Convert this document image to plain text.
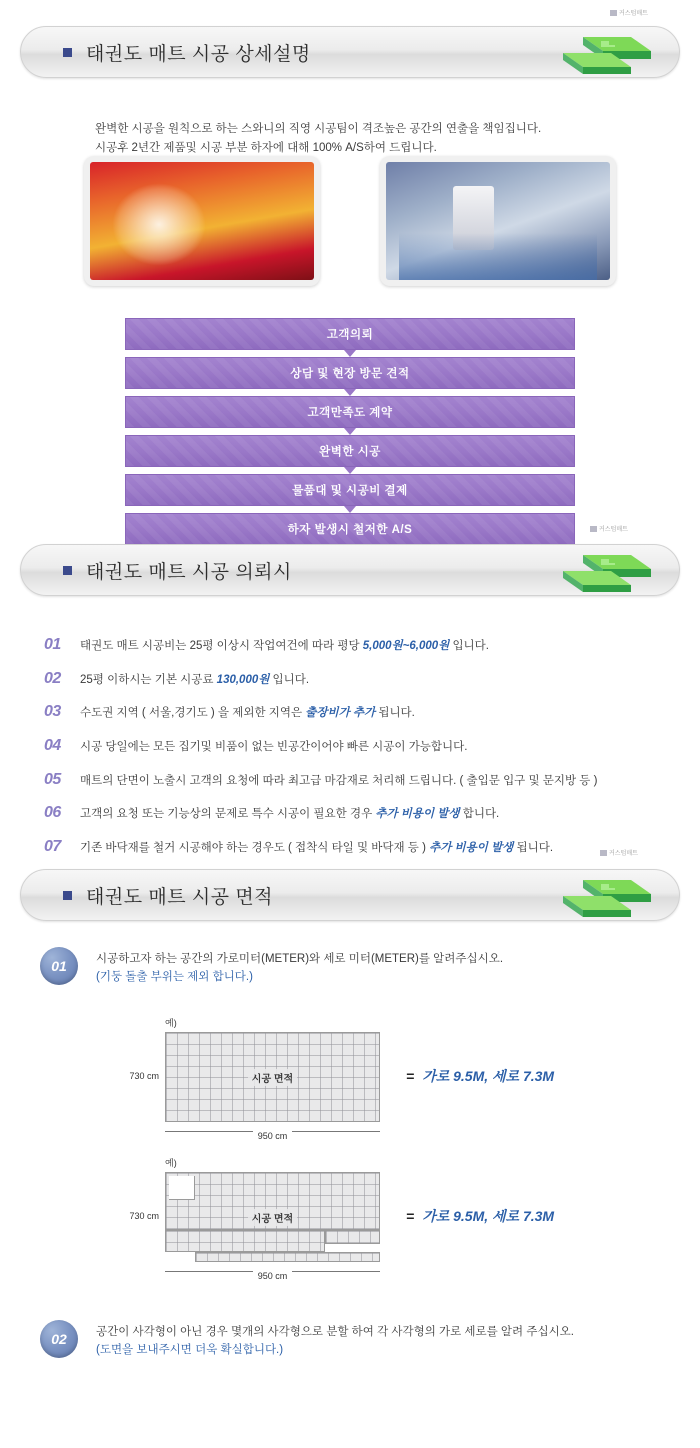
커스텀매트
태권도 매트 시공 상세설명
완벽한 시공을 원칙으로 하는 스와니의 직영 시공팀이 격조높은 공간의 연출을 책임집니다.
시공후 2년간 제품및 시공 부분 하자에 대해 100% A/S하여 드립니다.
고객의뢰
상담 및 현장 방문 견적
고객만족도 계약
완벽한 시공
물품대 및 시공비 결제
하자 발생시 철저한 A/S	커스텀매트
태권도 매트 시공 의뢰시
01	태권도 매트 시공비는 25평 이상시 작업여건에 따라 평당 5,000원~6,000원 입니다.
02	25평 이하시는 기본 시공료 130,000원 입니다.
03	수도권 지역 ( 서울,경기도 ) 을 제외한 지역은 출장비가 추가 됩니다.
04	시공 당일에는 모든 집기및 비품이 없는 빈공간이어야 빠른 시공이 가능합니다.
05	매트의 단면이 노출시 고객의 요청에 따라 최고급 마감재로 처리해 드립니다. ( 출입문 입구 및 문지방 등 )
06	고객의 요청 또는 기능상의 문제로 특수 시공이 필요한 경우 추가 비용이 발생 합니다.
07	기존 바닥재를 철거 시공해야 하는 경우도 ( 접착식 타일 및 바닥재 등 ) 추가 비용이 발생 됩니다.	커스텀매트
태권도 매트 시공 면적
01	시공하고자 하는 공간의 가로미터(METER)와 세로 미터(METER)를 알려주십시오.
(기둥 돌출 부위는 제외 합니다.)
730 cm
예)
시공 면적
950 cm
= 가로 9.5M, 세로 7.3M
730 cm
예)
시공 면적
950 cm
= 가로 9.5M, 세로 7.3M
02	공간이 사각형이 아닌 경우 몇개의 사각형으로 분할 하여 각 사각형의 가로 세로를 알려 주십시오.
(도면을 보내주시면 더욱 확실합니다.)
